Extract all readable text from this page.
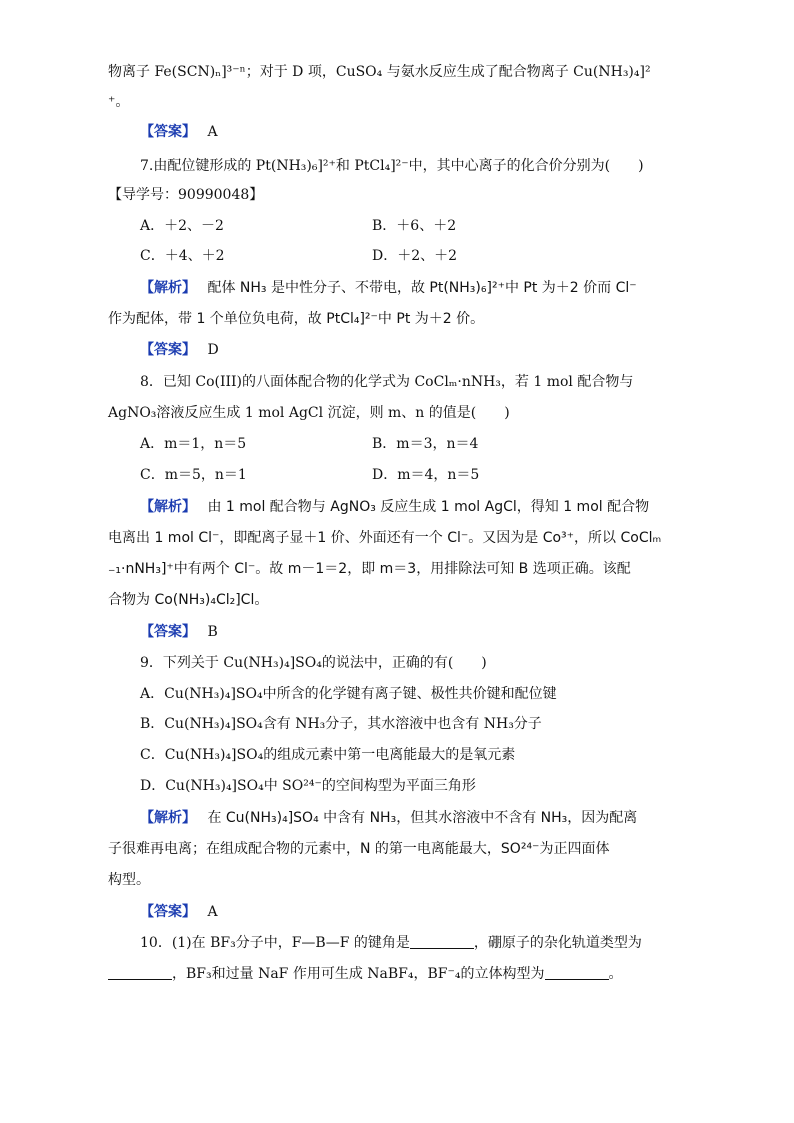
物离子 Fe(SCN)ₙ]³⁻ⁿ；对于 D 项，CuSO₄ 与氨水反应生成了配合物离子 Cu(NH₃)₄]²
⁺。
【答案】　 A
7.由配位键形成的 Pt(NH₃)₆]²⁺和 PtCl₄]²⁻中，其中心离子的化合价分别为(　　)
【导学号：90990048】
A．＋2、－2	B．＋6、＋2
C．＋4、＋2	D．＋2、＋2
【解析】　 配体 NH₃ 是中性分子、不带电，故 Pt(NH₃)₆]²⁺中 Pt 为＋2 价而 Cl⁻
作为配体，带 1 个单位负电荷，故 PtCl₄]²⁻中 Pt 为＋2 价。
【答案】　 D
8．已知 Co(III)的八面体配合物的化学式为 CoClₘ·nNH₃，若 1 mol 配合物与
AgNO₃溶液反应生成 1 mol AgCl 沉淀，则 m、n 的值是(　　)
A．m＝1，n＝5	B．m＝3，n＝4
C．m＝5，n＝1	D．m＝4，n＝5
【解析】　 由 1 mol 配合物与 AgNO₃ 反应生成 1 mol AgCl，得知 1 mol 配合物
电离出 1 mol Cl⁻，即配离子显＋1 价、外面还有一个 Cl⁻。又因为是 Co³⁺，所以 CoClₘ
₋₁·nNH₃]⁺中有两个 Cl⁻。故 m－1＝2，即 m＝3，用排除法可知 B 选项正确。该配
合物为 Co(NH₃)₄Cl₂]Cl。
【答案】　 B
9．下列关于 Cu(NH₃)₄]SO₄的说法中，正确的有(　　)
A．Cu(NH₃)₄]SO₄中所含的化学键有离子键、极性共价键和配位键
B．Cu(NH₃)₄]SO₄含有 NH₃分子，其水溶液中也含有 NH₃分子
C．Cu(NH₃)₄]SO₄的组成元素中第一电离能最大的是氧元素
D．Cu(NH₃)₄]SO₄中 SO²⁴⁻的空间构型为平面三角形
【解析】　 在 Cu(NH₃)₄]SO₄ 中含有 NH₃，但其水溶液中不含有 NH₃，因为配离
子很难再电离；在组成配合物的元素中，N 的第一电离能最大，SO²⁴⁻为正四面体
构型。
【答案】　 A
10．(1)在 BF₃分子中，F—B—F 的键角是	，硼原子的杂化轨道类型为
，BF₃和过量 NaF 作用可生成 NaBF₄，BF⁻₄的立体构型为	。
